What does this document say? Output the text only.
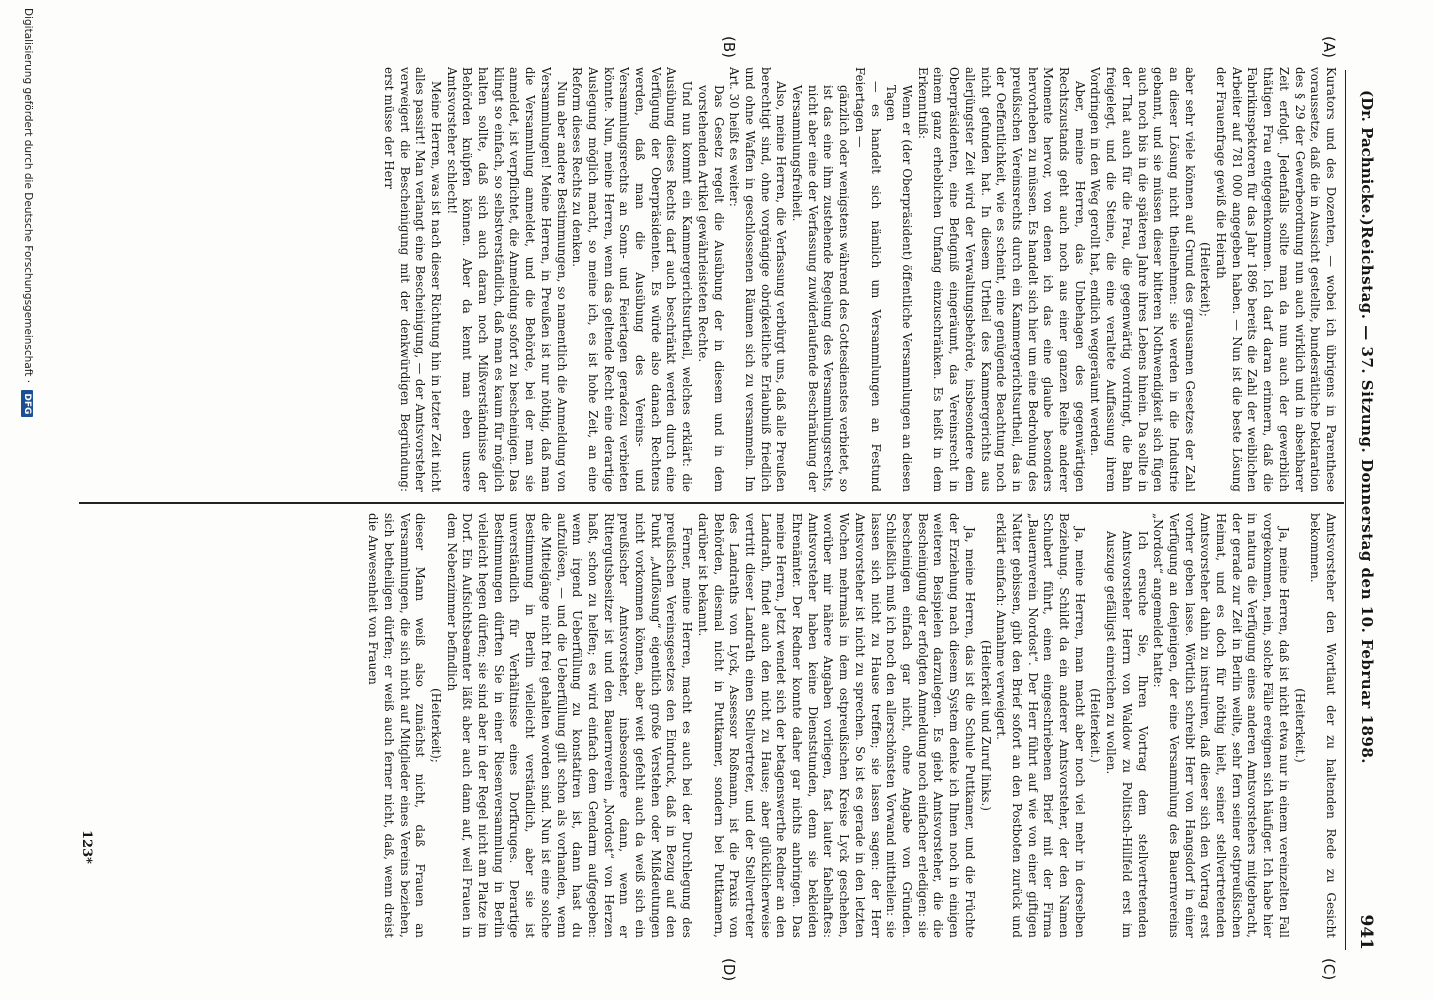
(Dr. Pachnicke.)
Reichstag. — 37. Sitzung. Donnerstag den 10. Februar 1898.
941
(A)
(B)
(C)
(D)

Kurators und des Dozenten, — wobei ich übrigens in Parenthese voraussetze, daß die in Aussicht gestellte, bundesrätliche Deklaration des § 29 der Gewerbeordnung nun auch wirklich und in absehbarer Zeit erfolgt. Jedenfalls sollte man da nun auch der gewerblich thätigen Frau entgegenkommen. Ich darf daran erinnern, daß die Fabrikinspektoren für das Jahr 1896 bereits die Zahl der weiblichen Arbeiter auf 781 000 angegeben haben. — Nun ist die beste Lösung der Frauenfrage gewiß die Heirath

(Heiterkeit);

aber sehr viele können auf Grund des grausamen Gesetzes der Zahl an dieser Lösung nicht theilnehmen: sie werden in die Industrie gebannt, und sie müssen dieser bitteren Nothwendigkeit sich fügen auch noch bis in die späteren Jahre ihres Lebens hinein. Da sollte in der That auch für die Frau, die gegenwärtig vordringt, die Bahn freigelegt, und die Steine, die eine veraltete Auffassung ihrem Vordringen in den Weg gerollt hat, endlich weggeräumt werden.

Aber, meine Herren, das Unbehagen des gegenwärtigen Rechtszustands geht auch noch aus einer ganzen Reihe anderer Momente hervor, von denen ich das eine glaube besonders hervorheben zu müssen. Es handelt sich hier um eine Bedrohung des preußischen Vereinsrechts durch ein Kammergerichtsurtheil, das in der Oeffentlichkeit, wie es scheint, eine genügende Beachtung noch nicht gefunden hat. In diesem Urtheil des Kammergerichts aus allerjüngster Zeit wird der Verwaltungsbehörde, insbesondere dem Oberpräsidenten, eine Befugniß eingeräumt, das Vereinsrecht in einem ganz erheblichen Umfang einzuschränken. Es heißt in dem Erkenntniß:

Wenn er (der Oberpräsident) öffentliche Versammlungen an diesen Tagen

— es handelt sich nämlich um Versammlungen an Festund Feiertagen —

gänzlich oder wenigstens während des Gottesdienstes verbietet, so ist das eine ihm zustehende Regelung des Versammlungsrechts, nicht aber eine der Verfassung zuwiderlaufende Beschränkung der Versammlungsfreiheit.

Also, meine Herren, die Verfassung verbürgt uns, daß alle Preußen berechtigt sind, ohne vorgängige obrigkeitliche Erlaubniß friedlich und ohne Waffen in geschlossenen Räumen sich zu versammeln. Im Art. 30 heißt es weiter:

Das Gesetz regelt die Ausübung der in diesem und in dem vorstehenden Artikel gewährleisteten Rechte.

Und nun kommt ein Kammergerichtsurtheil, welches erklärt: die Ausübung dieses Rechts darf auch beschränkt werden durch eine Verfügung der Oberpräsidenten. Es würde also danach Rechtens werden, daß man die Ausübung des Vereins- und Versammlungsrechts an Sonn- und Feiertagen geradezu verbieten könnte. Nun, meine Herren, wenn das geltende Recht eine derartige Auslegung möglich macht, so meine ich, es ist hohe Zeit, an eine Reform dieses Rechts zu denken.

Nun aber andere Bestimmungen, so namentlich die Anmeldung von Versammlungen! Meine Herren, in Preußen ist nur nöthig, daß man die Versammlung anmeldet, und die Behörde, bei der man sie anmeldet, ist verpflichtet, die Anmeldung sofort zu bescheinigen. Das klingt so einfach, so selbstverständlich, daß man es kaum für möglich halten sollte, daß sich auch daran noch Mißverständnisse der Behörden knüpfen können. Aber da kennt man eben unsere Amtsvorsteher schlecht!

Meine Herren, was ist nach dieser Richtung hin in letzter Zeit nicht alles passirt! Man verlangt eine Bescheinigung, — der Amtsvorsteher verweigert die Bescheinigung mit der denkwürdigen Begründung: erst müsse der Herr

Amtsvorsteher den Wortlaut der zu haltenden Rede zu Gesicht bekommen.

(Heiterkeit.)

Ja, meine Herren, daß ist nicht etwa nur in einem vereinzelten Fall vorgekommen, nein, solche Fälle ereignen sich häufiger. Ich habe hier in natura die Verfügung eines anderen Amtsvorstehers mitgebracht, der gerade zur Zeit in Berlin weilte, sehr fern seiner ostpreußischen Heimat, und es doch für nöthig hielt, seiner stellvertretenden Amtsvorsteher dahin zu instruiren, daß dieser sich den Vortrag erst vorher geben lasse. Wörtlich schreibt Herr von Hangsdorf in einer Verfügung an denjenigen, der eine Versammlung des Bauernvereins „Nordost“ angemeldet hatte:

Ich ersuche Sie, Ihren Vortrag dem stellvertretenden Amtsvorsteher Herrn von Waldow zu Politisch-Hillfeld erst im Auszuge gefälligst einreichen zu wollen.

(Heiterkeit.)

Ja, meine Herren, man macht aber noch viel mehr in derselben Beziehung. Schildt da ein anderer Amtsvorsteher, der den Namen Schubert führt, einen eingeschriebenen Brief mit der Firma „Bauernverein Nordost“. Der Herr führt auf wie von einer giftigen Natter gebissen, gibt den Brief sofort an den Postboten zurück und erklärt einfach: Annahme verweigert.

(Heiterkeit und Zuruf links.)

Ja, meine Herren, das ist die Schule Puttkamer, und die Früchte der Erziehung nach diesem System denke ich Ihnen noch in einigen weiteren Beispielen darzulegen. Es giebt Amtsvorsteher, die die Bescheinigung der erfolgten Anmeldung noch einfacher erledigen: sie bescheinigen einfach gar nicht, ohne Angabe von Gründen. Schließlich muß ich noch den allerschönsten Vorwand mittheilen: sie lassen sich nicht zu Hause treffen; sie lassen sagen: der Herr Amtsvorsteher ist nicht zu sprechen. So ist es gerade in den letzten Wochen mehrmals in dem ostpreußischen Kreise Lyck geschehen, worüber mir nähere Angaben vorliegen, fast lauter fabelhaftes: Amtsvorsteher haben keine Dienststunden, denn sie bekleiden Ehrenämter. Der Redner konnte daher gar nichts anbringen. Das meine Herren, Jetzt wendet sich der betagenswerthe Redner an den Landrath, findet auch den nicht zu Hause; aber glücklicherweise vertritt dieser Landrath einen Stellvertreter, und der Stellvertreter des Landraths von Lyck, Assessor Roßmann, ist die Praxis von Behörden, diesmal nicht in Puttkamer, sondern bei Puttkamern, darüber ist bekannt.

Ferner, meine Herren, macht es auch bei der Durchlegung des preußischen Vereinsgesetzes den Eindruck, daß in Bezug auf den Punkt „Auflösung“ eigentlich große Verstehen oder Mißdeutungen nicht vorkommen können, aber weit gefehlt auch da weiß sich ein preußischer Amtsvorsteher, insbesondere dann, wenn er Rittergutsbesitzer ist und den Bauernverein „Nordost“ von Herzen haßt, schon zu helfen; es wird einfach dem Gendarm aufgegeben: wenn irgend Ueberfüllung zu konstatiren ist, dann hast du aufzulösen, — und die Ueberfüllung gilt schon als vorhanden, wenn die Mittelgänge nicht frei gehalten worden sind. Nun ist eine solche Bestimmung in Berlin vielleicht verständlich, aber sie ist unverständlich für Verhältnisse eines Dorfkruges. Derartige Bestimmungen dürften Sie in einer Riesenversammlung in Berlin vielleicht hegen dürfen; sie sind aber in der Regel nicht am Platze im Dorf. Ein Aufsichtsbeamter läßt aber auch dann auf, weil Frauen in dem Nebenzimmer befindlich

(Heiterkeit);

dieser Mann weiß also zunächst nicht, daß Frauen an Versammlungen, die sich nicht auf Mitglieder eines Vereins beziehen, sich betheiligen dürfen; er weiß auch ferner nicht, daß, wenn dreist die Anwesenheit von Frauen

123*
Digitalisierung gefördert durch die Deutsche Forschungsgemeinschaft · DFG
